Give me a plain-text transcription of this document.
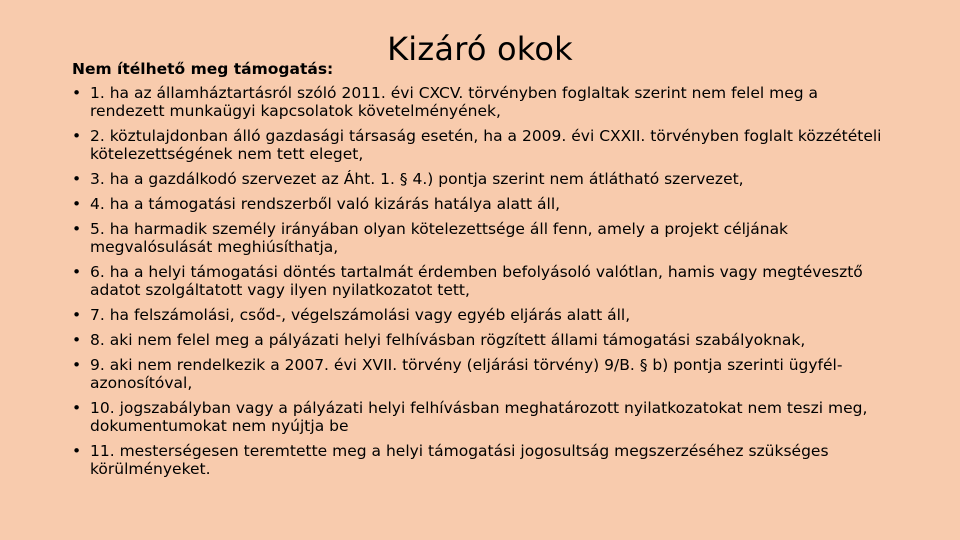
Kizáró okok

Nem ítélhető meg támogatás:

• 1. ha az államháztartásról szóló 2011. évi CXCV. törvényben foglaltak szerint nem felel meg a rendezett munkaügyi kapcsolatok követelményének,
• 2. köztulajdonban álló gazdasági társaság esetén, ha a 2009. évi CXXII. törvényben foglalt közzétételi kötelezettségének nem tett eleget,
• 3. ha a gazdálkodó szervezet az Áht. 1. § 4.) pontja szerint nem átlátható szervezet,
• 4. ha a támogatási rendszerből való kizárás hatálya alatt áll,
• 5. ha harmadik személy irányában olyan kötelezettsége áll fenn, amely a projekt céljának megvalósulását meghiúsíthatja,
• 6. ha a helyi támogatási döntés tartalmát érdemben befolyásoló valótlan, hamis vagy megtévesztő adatot szolgáltatott vagy ilyen nyilatkozatot tett,
• 7. ha felszámolási, csőd-, végelszámolási vagy egyéb eljárás alatt áll,
• 8. aki nem felel meg a pályázati helyi felhívásban rögzített állami támogatási szabályoknak,
• 9. aki nem rendelkezik a 2007. évi XVII. törvény (eljárási törvény) 9/B. § b) pontja szerinti ügyfél-azonosítóval,
• 10. jogszabályban vagy a pályázati helyi felhívásban meghatározott nyilatkozatokat nem teszi meg, dokumentumokat nem nyújtja be
• 11. mesterségesen teremtette meg a helyi támogatási jogosultság megszerzéséhez szükséges körülményeket.
